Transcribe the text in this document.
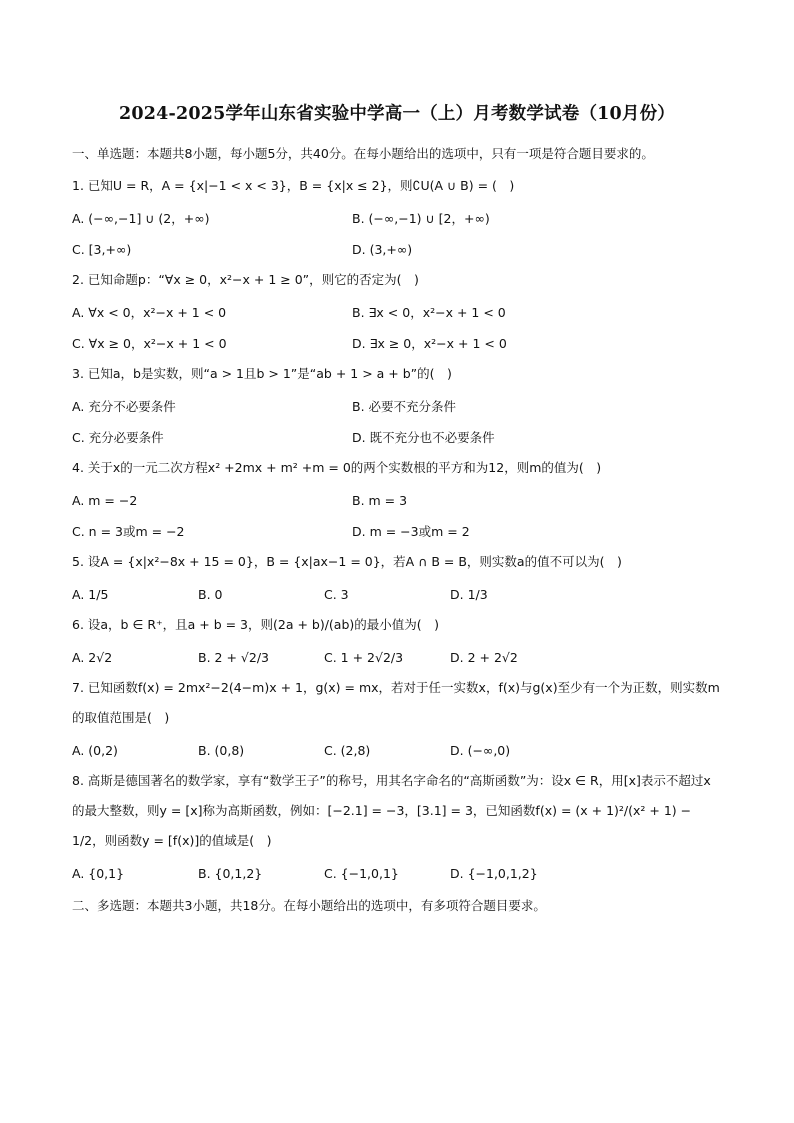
2024-2025学年山东省实验中学高一（上）月考数学试卷（10月份）
一、单选题：本题共8小题，每小题5分，共40分。在每小题给出的选项中，只有一项是符合题目要求的。
1. 已知U = R，A = {x|−1 < x < 3}，B = {x|x ≤ 2}，则∁U(A ∪ B) = (　)
A. (−∞,−1] ∪ (2，+∞)	B. (−∞,−1) ∪ [2，+∞)
C. [3,+∞)	D. (3,+∞)
2. 已知命题p：“∀x ≥ 0，x²−x + 1 ≥ 0”，则它的否定为(　)
A. ∀x < 0，x²−x + 1 < 0	B. ∃x < 0，x²−x + 1 < 0
C. ∀x ≥ 0，x²−x + 1 < 0	D. ∃x ≥ 0，x²−x + 1 < 0
3. 已知a，b是实数，则“a > 1且b > 1”是“ab + 1 > a + b”的(　)
A. 充分不必要条件	B. 必要不充分条件
C. 充分必要条件	D. 既不充分也不必要条件
4. 关于x的一元二次方程x² +2mx + m² +m = 0的两个实数根的平方和为12，则m的值为(　)
A. m = −2	B. m = 3
C. n = 3或m = −2	D. m = −3或m = 2
5. 设A = {x|x²−8x + 15 = 0}，B = {x|ax−1 = 0}，若A ∩ B = B，则实数a的值不可以为(　)
A. 1/5	B. 0	C. 3	D. 1/3
6. 设a，b ∈ R⁺，且a + b = 3，则(2a + b)/(ab)的最小值为(　)
A. 2√2	B. 2 + √2/3	C. 1 + 2√2/3	D. 2 + 2√2
7. 已知函数f(x) = 2mx²−2(4−m)x + 1，g(x) = mx，若对于任一实数x，f(x)与g(x)至少有一个为正数，则实数m的取值范围是(　)
A. (0,2)	B. (0,8)	C. (2,8)	D. (−∞,0)
8. 高斯是德国著名的数学家，享有“数学王子”的称号，用其名字命名的“高斯函数”为：设x ∈ R，用[x]表示不超过x的最大整数，则y = [x]称为高斯函数，例如：[−2.1] = −3，[3.1] = 3，已知函数f(x) = (x + 1)²/(x² + 1) − 1/2，则函数y = [f(x)]的值域是(　)
A. {0,1}	B. {0,1,2}	C. {−1,0,1}	D. {−1,0,1,2}
二、多选题：本题共3小题，共18分。在每小题给出的选项中，有多项符合题目要求。
